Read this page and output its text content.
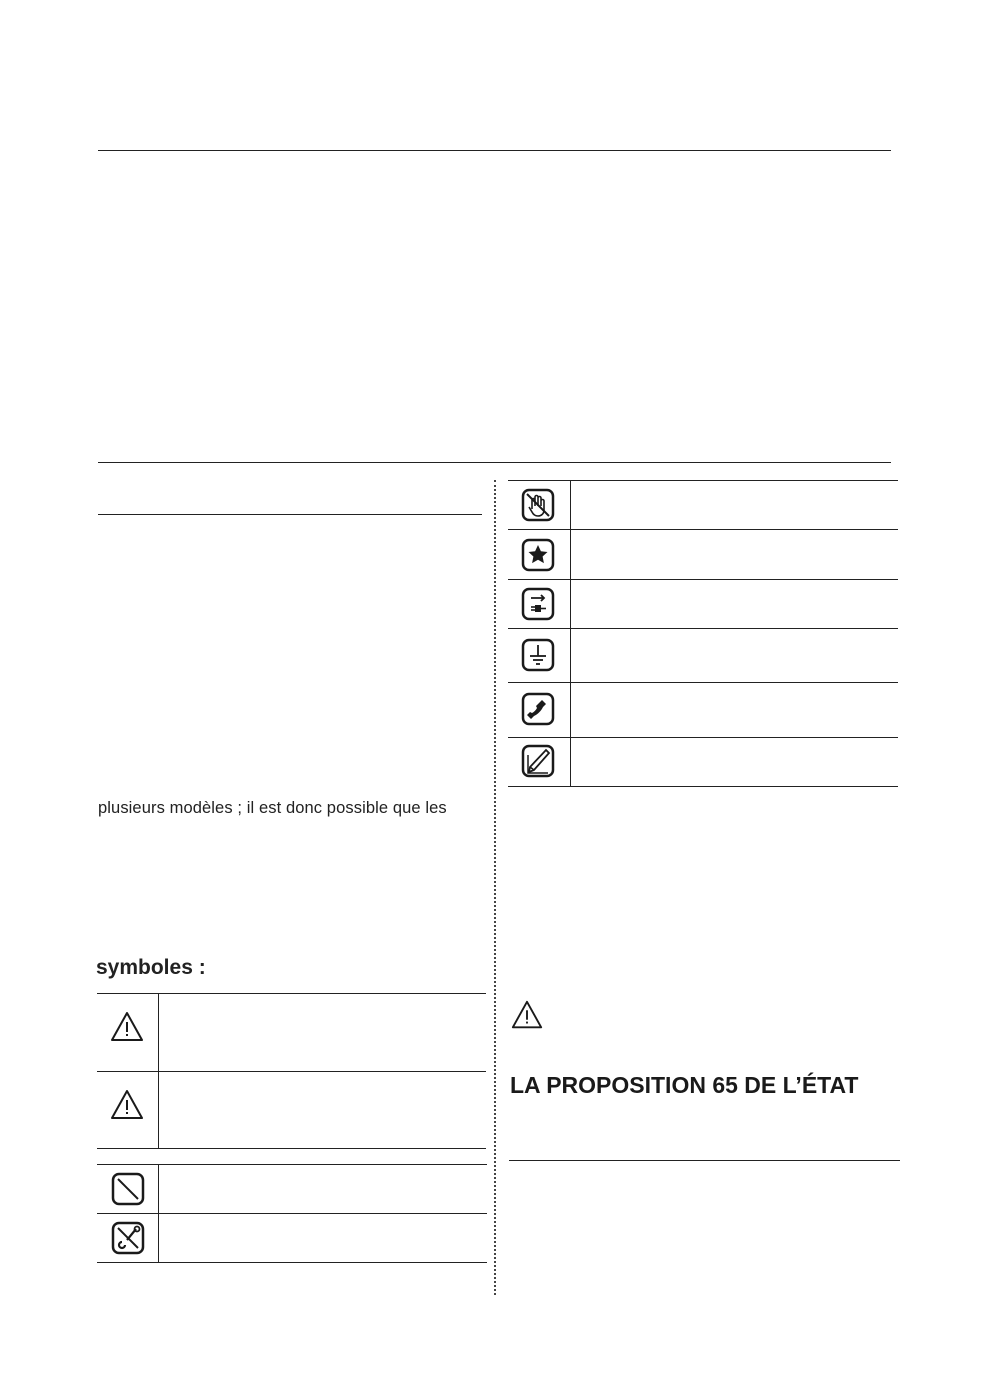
plusieurs modèles ; il est donc possible que les
symboles :
LA PROPOSITION 65 DE L’ÉTAT
